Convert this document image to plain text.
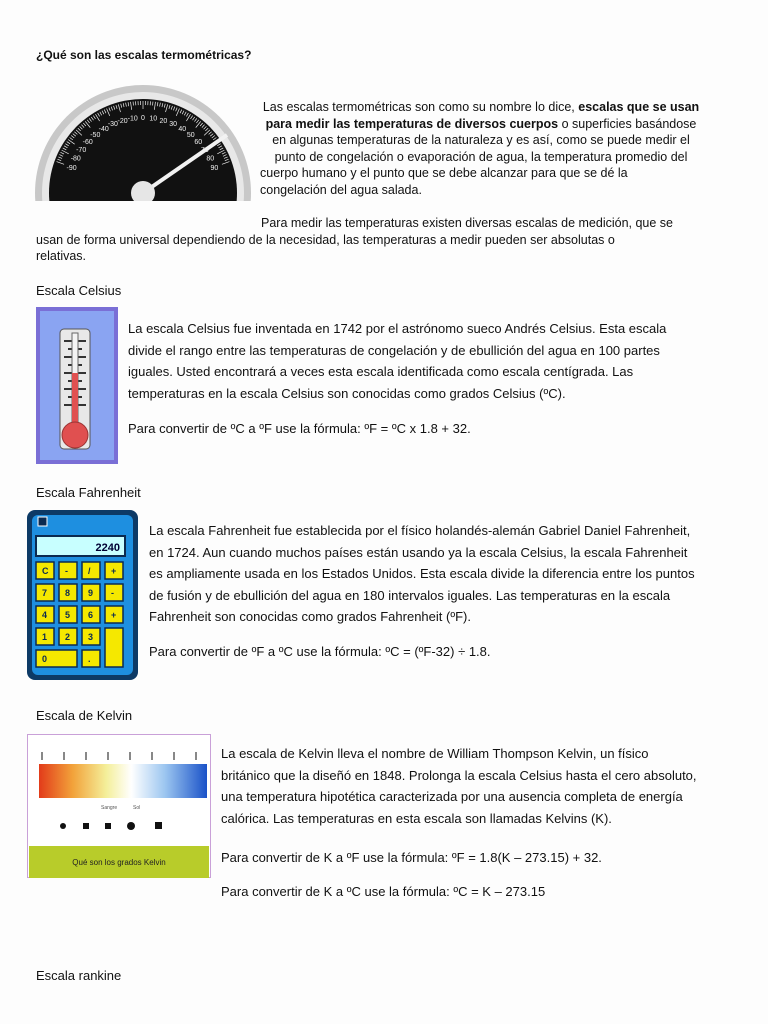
¿Qué son las escalas termométricas?
-90
-80
-70
-60
-50
-40
-30 -20 -10 0 10 20 30
40
50
60
80
90
Las escalas termométricas son como su nombre lo dice, escalas que se usan
para medir las temperaturas de diversos cuerpos o superficies basándose
en algunas temperaturas de la naturaleza y es así, como se puede medir el
punto de congelación o evaporación de agua, la temperatura promedio del
cuerpo humano y el punto que se debe alcanzar para que se dé la
congelación del agua salada.
Para medir las temperaturas existen diversas escalas de medición, que se
usan de forma universal dependiendo de la necesidad, las temperaturas a medir pueden ser absolutas o
relativas.
Escala Celsius
La escala Celsius fue inventada en 1742 por el astrónomo sueco Andrés Celsius. Esta escala
divide el rango entre las temperaturas de congelación y de ebullición del agua en 100 partes
iguales. Usted encontrará a veces esta escala identificada como escala centígrada. Las
temperaturas en la escala Celsius son conocidas como grados Celsius (ºC).
Para convertir de ºC a ºF use la fórmula: ºF = ºC x 1.8 + 32.
Escala Fahrenheit
2240
C - / +
7 8 9 -
4 5 6 +
1 2 3
0	.
La escala Fahrenheit fue establecida por el físico holandés-alemán Gabriel Daniel Fahrenheit,
en 1724. Aun cuando muchos países están usando ya la escala Celsius, la escala Fahrenheit
es ampliamente usada en los Estados Unidos. Esta escala divide la diferencia entre los puntos
de fusión y de ebullición del agua en 180 intervalos iguales. Las temperaturas en la escala
Fahrenheit son conocidas como grados Fahrenheit (ºF).
Para convertir de ºF a ºC use la fórmula: ºC = (ºF-32) ÷ 1.8.
Escala de Kelvin
Sangre	Sol
Qué son los grados Kelvin
La escala de Kelvin lleva el nombre de William Thompson Kelvin, un físico
británico que la diseñó en 1848. Prolonga la escala Celsius hasta el cero absoluto,
una temperatura hipotética caracterizada por una ausencia completa de energía
calórica. Las temperaturas en esta escala son llamadas Kelvins (K).
Para convertir de K a ºF use la fórmula: ºF = 1.8(K – 273.15) + 32.
Para convertir de K a ºC use la fórmula: ºC = K – 273.15
Escala rankine
